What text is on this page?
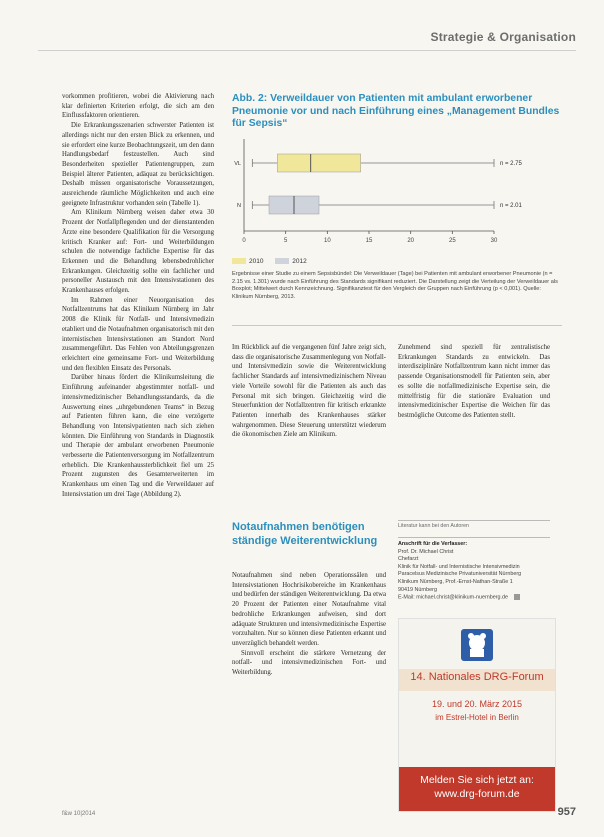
Strategie & Organisation

vorkommen profitieren, wobei die Aktivierung nach klar definierten Kriterien erfolgt, die sich am den Einflussfaktoren orientieren.

Die Erkrankungsszenarien schwerster Patienten ist allerdings nicht nur den ersten Blick zu erkennen, und sie erfordert eine kurze Beobachtungszeit, um den dann Handlungsbedarf festzustellen. Auch sind Besonderheiten spezieller Patientengruppen, zum Beispiel älterer Patienten, adäquat zu berücksichtigen. Deshalb müssen organisatorische Voraussetzungen, ausreichende räumliche Möglichkeiten und auch eine geeignete Infrastruktur vorhanden sein (Tabelle 1).

Am Klinikum Nürnberg weisen daher etwa 30 Prozent der Notfallpflegenden und der dienstantenden Ärzte eine besondere Qualifikation für die Versorgung kritisch Kranker auf: Fort- und Weiterbildungen schulen die notwendige fachliche Expertise für das Erkennen und die Behandlung lebensbedrohlicher Erkrankungen. Gleichzeitig sollte ein fachlicher und personeller Austausch mit den Intensivstationen des Krankenhauses erfolgen.

Im Rahmen einer Neuorganisation des Notfallzentrums hat das Klinikum Nürnberg im Jahr 2008 die Klinik für Notfall- und Intensivmedizin etabliert und die Notaufnahmen organisatorisch mit den internistischen Intensivstationen am Standort Nord zusammengeführt. Das Fehlen von Abteilungsgrenzen erleichtert eine gemeinsame Fort- und Weiterbildung und den flexiblen Einsatz des Personals.

Darüber hinaus fördert die Klinikumsleitung die Einführung aufeinander abgestimmter notfall- und intensivmedizinischer Behandlungsstandards, da die Auswertung eines „uhrgebundenen Teams“ in Bezug auf Patienten führen kann, die eine verzögerte Behandlung von Intensivpatienten nach sich ziehen könnten. Die Einführung von Standards in Diagnostik und Therapie der ambulant erworbenen Pneumonie verbesserte die Patientenversorgung im Notfallzentrum erheblich. Die Krankenhaussterblichkeit fiel um 25 Prozent zugunsten des Gesamterweiterten im Krankenhaus um einen Tag und die Verweildauer auf Intensivstation um drei Tage (Abbildung 2).

Abb. 2: Verweildauer von Patienten mit ambulant erworbener Pneumonie vor und nach Einführung eines „Management Bundles für Sepsis“
0	5	10	15	20	25	30
VL	n = 2.75
N	n = 2.01
2010	2012
Ergebnisse einer Studie zu einem Sepsisbündel: Die Verweildauer (Tage) bei Patienten mit ambulant erworbener Pneumonie (n = 2.15 vs. 1.301) wurde nach Einführung des Standards signifikant reduziert. Die Darstellung zeigt die Verteilung der Verweildauer als Boxplot; Mittelwert durch Kennzeichnung. Signifikanztest für den Vergleich der Gruppen nach Einführung (p < 0,001). Quelle: Klinikum Nürnberg, 2013.

Im Rückblick auf die vergangenen fünf Jahre zeigt sich, dass die organisatorische Zusammenlegung von Notfall- und Intensivmedizin sowie die Weiterentwicklung fachlicher Standards auf intensivmedizinischem Niveau viele Vorteile sowohl für die Patienten als auch das Personal mit sich bringen. Gleichzeitig wird die Steuerfunktion der Notfallzentren für kritisch erkrankte Patienten innerhalb des Krankenhauses stärker wahrgenommen. Diese Steuerung unterstützt wiederum die ökonomischen Ziele am Klinikum.

Zunehmend sind speziell für zentralistische Erkrankungen Standards zu entwickeln. Das interdisziplinäre Notfallzentrum kann nicht immer das passende Organisationsmodell für Patienten sein, aber es sollte die notfallmedizinische Expertise sein, die mittelfristig für die stationäre Evaluation und intensivmedizinischer Expertise die Weichen für das bestmögliche Outcome des Patienten stellt.

Notaufnahmen benötigen ständige Weiterentwicklung

Notaufnahmen sind neben Operationssälen und Intensivstationen Hochrisikobereiche im Krankenhaus und bedürfen der ständigen Weiterentwicklung. Da etwa 20 Prozent der Patienten einer Notaufnahme vital bedrohliche Erkrankungen aufweisen, sind dort adäquate Strukturen und intensivmedizinische Expertise vorzuhalten. Nur so können diese Patienten erkannt und unverzüglich behandelt werden.

Sinnvoll erscheint die stärkere Vernetzung der notfall- und intensivmedizinischen Fort- und Weiterbildung.

Literatur kann bei den Autoren
Anschrift für die Verfasser:
Prof. Dr. Michael Christ
Chefarzt
Klinik für Notfall- und Internistische Intensivmedizin
Paracelsus Medizinische Privatuniversität Nürnberg
Klinikum Nürnberg, Prof.-Ernst-Nathan-Straße 1
90419 Nürnberg
E-Mail: michael.christ@klinikum-nuernberg.de
14. Nationales DRG-Forum
19. und 20. März 2015
im Estrel-Hotel in Berlin
Melden Sie sich jetzt an:
www.drg-forum.de
f&w 10|2014	957
